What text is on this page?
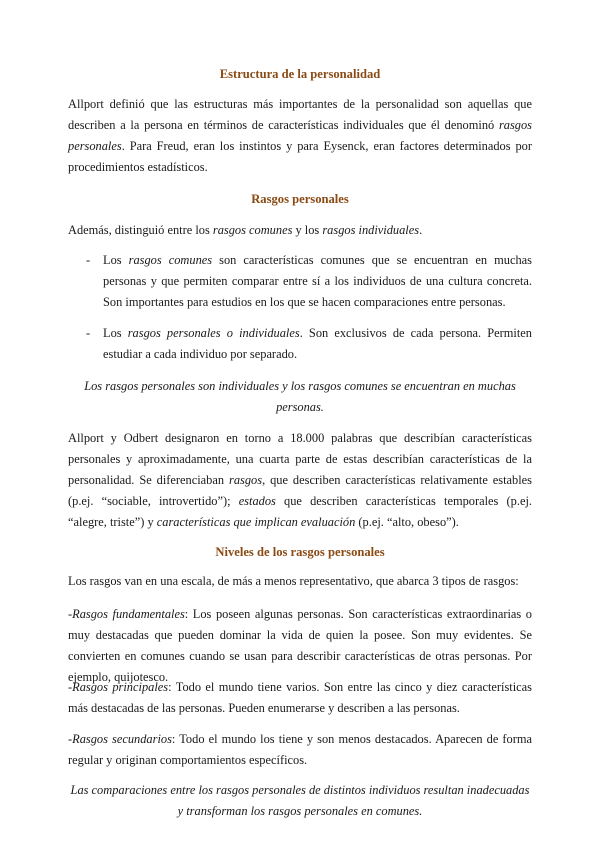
Estructura de la personalidad

Allport definió que las estructuras más importantes de la personalidad son aquellas que describen a la persona en términos de características individuales que él denominó rasgos personales. Para Freud, eran los instintos y para Eysenck, eran factores determinados por procedimientos estadísticos.

Rasgos personales

Además, distinguió entre los rasgos comunes y los rasgos individuales.

- Los rasgos comunes son características comunes que se encuentran en muchas personas y que permiten comparar entre sí a los individuos de una cultura concreta. Son importantes para estudios en los que se hacen comparaciones entre personas.
- Los rasgos personales o individuales. Son exclusivos de cada persona. Permiten estudiar a cada individuo por separado.

Los rasgos personales son individuales y los rasgos comunes se encuentran en muchas personas.

Allport y Odbert designaron en torno a 18.000 palabras que describían características personales y aproximadamente, una cuarta parte de estas describían características de la personalidad. Se diferenciaban rasgos, que describen características relativamente estables (p.ej. “sociable, introvertido”); estados que describen características temporales (p.ej. “alegre, triste”) y características que implican evaluación (p.ej. “alto, obeso”).

Niveles de los rasgos personales

Los rasgos van en una escala, de más a menos representativo, que abarca 3 tipos de rasgos:

-Rasgos fundamentales: Los poseen algunas personas. Son características extraordinarias o muy destacadas que pueden dominar la vida de quien la posee. Son muy evidentes. Se convierten en comunes cuando se usan para describir características de otras personas. Por ejemplo, quijotesco.

-Rasgos principales: Todo el mundo tiene varios. Son entre las cinco y diez características más destacadas de las personas. Pueden enumerarse y describen a las personas.

-Rasgos secundarios: Todo el mundo los tiene y son menos destacados. Aparecen de forma regular y originan comportamientos específicos.

Las comparaciones entre los rasgos personales de distintos individuos resultan inadecuadas y transforman los rasgos personales en comunes.
